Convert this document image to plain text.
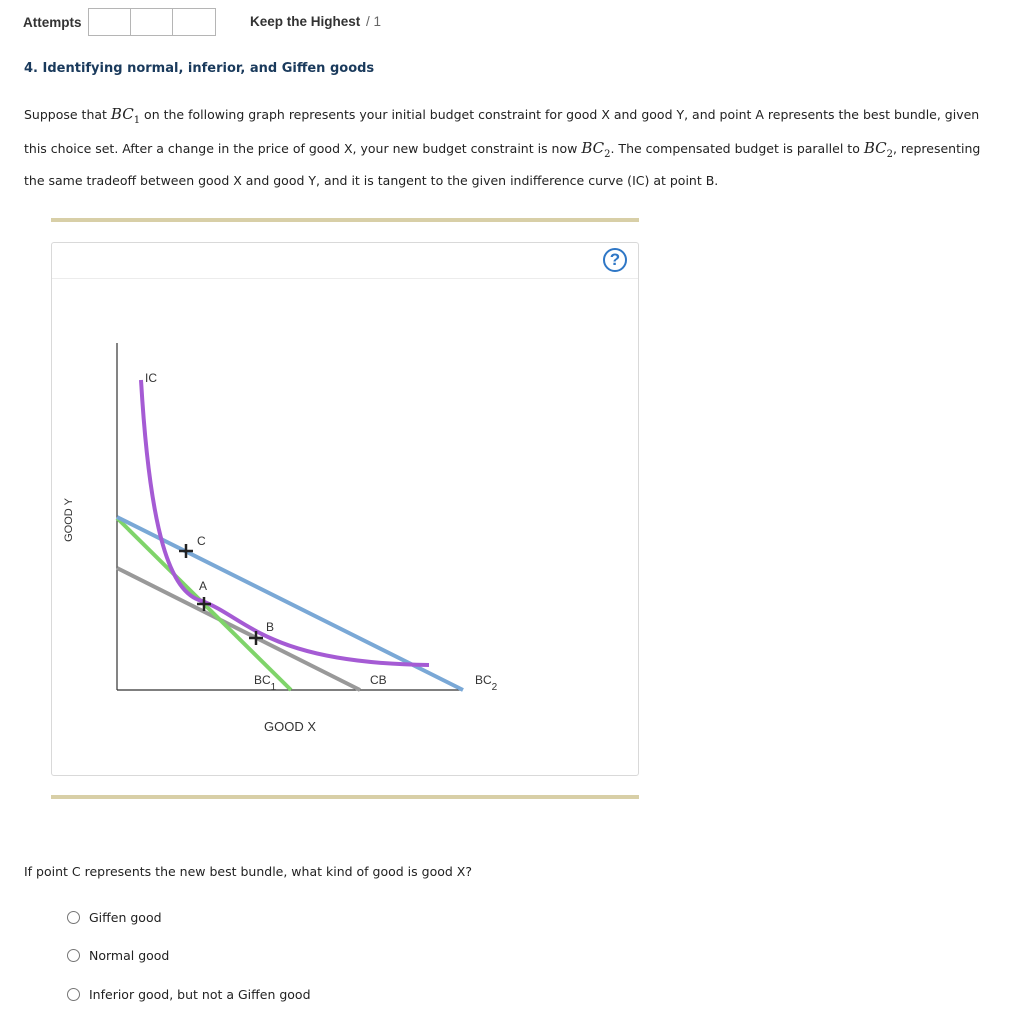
Attempts	Keep the Highest / 1
4. Identifying normal, inferior, and Giffen goods
Suppose that $BC_1$ on the following graph represents your initial budget constraint for good X and good Y, and point A represents the best bundle, given this choice set. After a change in the price of good X, your new budget constraint is now $BC_2$. The compensated budget is parallel to $BC_2$, representing the same tradeoff between good X and good Y, and it is tangent to the given indifference curve (IC) at point B.
?
C
A
B
IC
$BC_1$
CB	$BC_2$
GOOD X
GOOD Y
If point C represents the new best bundle, what kind of good is good X?
Giffen good
Normal good
Inferior good, but not a Giffen good
